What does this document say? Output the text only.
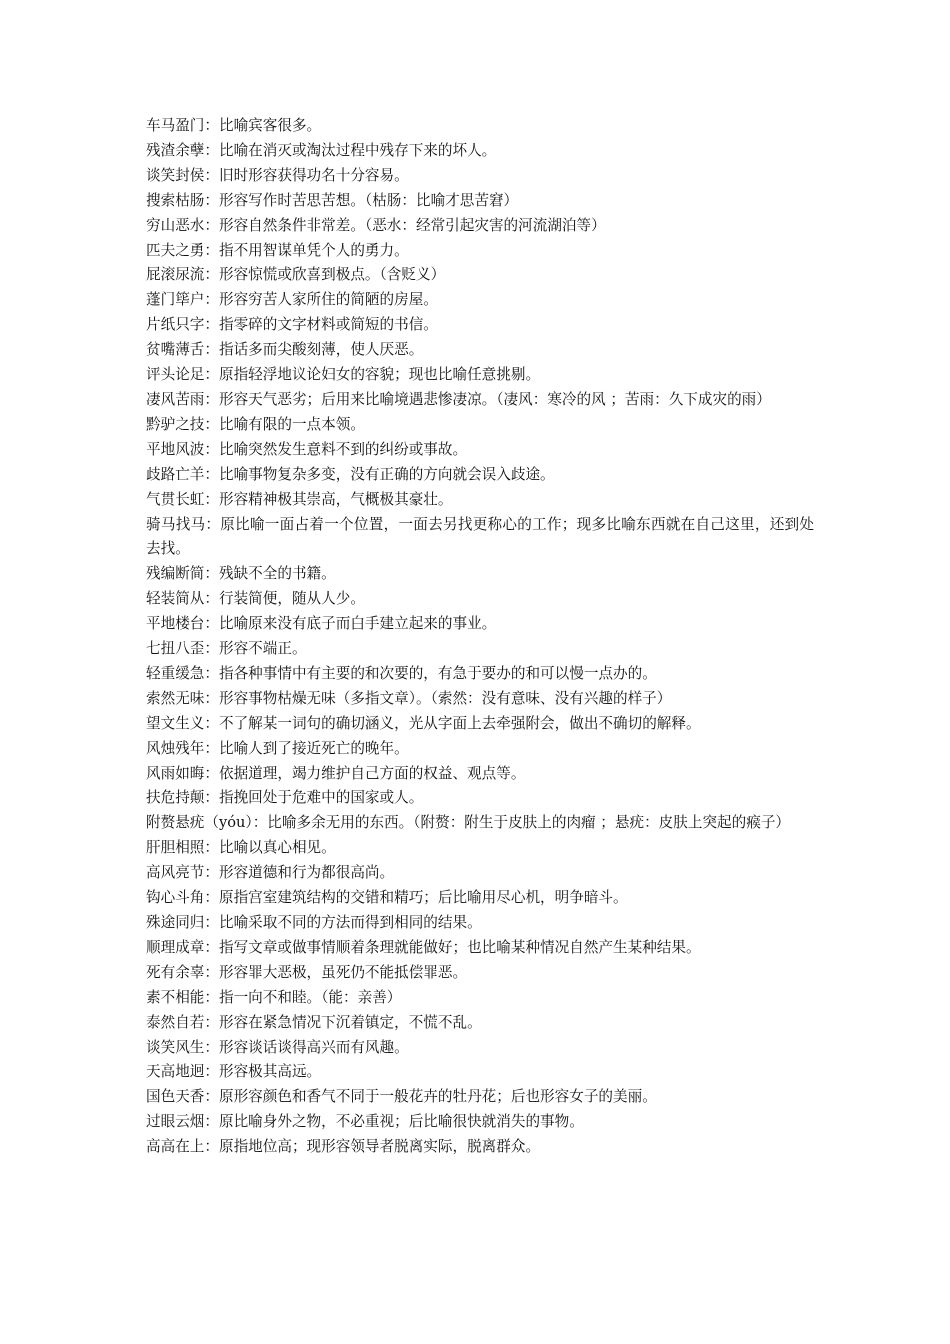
车马盈门：比喻宾客很多。

残渣余孽：比喻在消灭或淘汰过程中残存下来的坏人。

谈笑封侯：旧时形容获得功名十分容易。

搜索枯肠：形容写作时苦思苦想。（枯肠：比喻才思苦窘）

穷山恶水：形容自然条件非常差。（恶水：经常引起灾害的河流湖泊等）

匹夫之勇：指不用智谋单凭个人的勇力。

屁滚尿流：形容惊慌或欣喜到极点。（含贬义）

蓬门筚户：形容穷苦人家所住的简陋的房屋。

片纸只字：指零碎的文字材料或简短的书信。

贫嘴薄舌：指话多而尖酸刻薄，使人厌恶。

评头论足：原指轻浮地议论妇女的容貌；现也比喻任意挑剔。

凄风苦雨：形容天气恶劣；后用来比喻境遇悲惨凄凉。（凄风：寒冷的风 ；苦雨：久下成灾的雨）

黔驴之技：比喻有限的一点本领。

平地风波：比喻突然发生意料不到的纠纷或事故。

歧路亡羊：比喻事物复杂多变，没有正确的方向就会误入歧途。

气贯长虹：形容精神极其崇高，气概极其豪壮。

骑马找马：原比喻一面占着一个位置，一面去另找更称心的工作；现多比喻东西就在自己这里，还到处去找。

残编断简：残缺不全的书籍。

轻装简从：行装简便，随从人少。

平地楼台：比喻原来没有底子而白手建立起来的事业。

七扭八歪：形容不端正。

轻重缓急：指各种事情中有主要的和次要的，有急于要办的和可以慢一点办的。

索然无味：形容事物枯燥无味（多指文章）。（索然：没有意味、没有兴趣的样子）

望文生义：不了解某一词句的确切涵义，光从字面上去牵强附会，做出不确切的解释。

风烛残年：比喻人到了接近死亡的晚年。

风雨如晦：依据道理，竭力维护自己方面的权益、观点等。

扶危持颠：指挽回处于危难中的国家或人。

附赘悬疣（yóu）：比喻多余无用的东西。（附赘：附生于皮肤上的肉瘤 ；悬疣：皮肤上突起的瘊子）

肝胆相照：比喻以真心相见。

高风亮节：形容道德和行为都很高尚。

钩心斗角：原指宫室建筑结构的交错和精巧；后比喻用尽心机，明争暗斗。

殊途同归：比喻采取不同的方法而得到相同的结果。

顺理成章：指写文章或做事情顺着条理就能做好；也比喻某种情况自然产生某种结果。

死有余辜：形容罪大恶极，虽死仍不能抵偿罪恶。

素不相能：指一向不和睦。（能：亲善）

泰然自若：形容在紧急情况下沉着镇定，不慌不乱。

谈笑风生：形容谈话谈得高兴而有风趣。

天高地迥：形容极其高远。

国色天香：原形容颜色和香气不同于一般花卉的牡丹花；后也形容女子的美丽。

过眼云烟：原比喻身外之物，不必重视；后比喻很快就消失的事物。

高高在上：原指地位高；现形容领导者脱离实际，脱离群众。
